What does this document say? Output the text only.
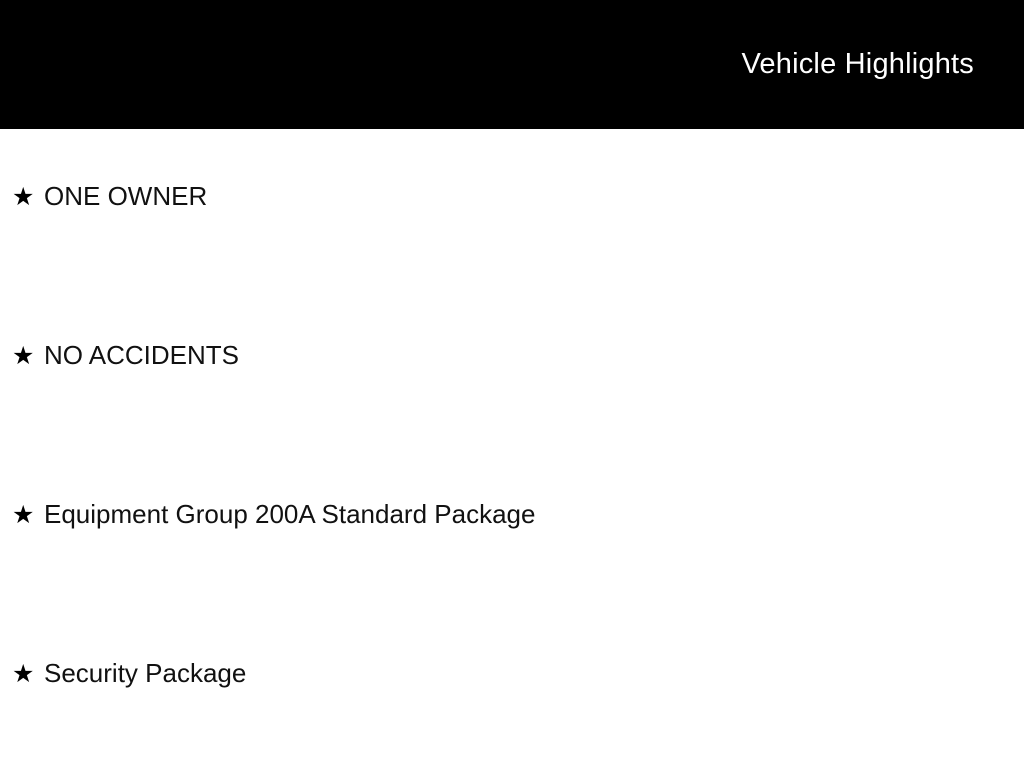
Vehicle Highlights
★ ONE OWNER
★ NO ACCIDENTS
★ Equipment Group 200A Standard Package
★ Security Package
